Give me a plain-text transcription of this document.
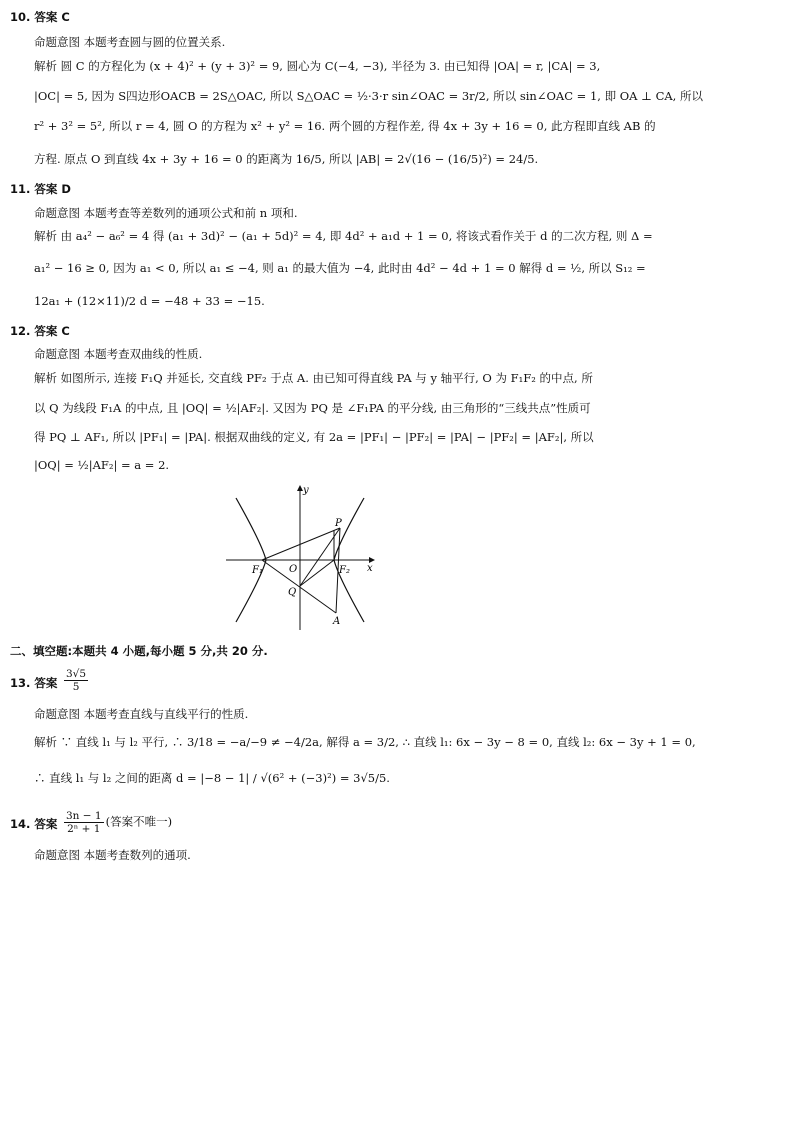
10. 答案 C
命题意图 本题考查圆与圆的位置关系.
解析 圆 C 的方程化为 (x + 4)² + (y + 3)² = 9, 圆心为 C(−4, −3), 半径为 3. 由已知得 |OA| = r, |CA| = 3,
|OC| = 5, 因为 S四边形OACB = 2S△OAC, 所以 S△OAC = ½·3·r sin∠OAC = 3r/2, 所以 sin∠OAC = 1, 即 OA ⊥ CA, 所以
r² + 3² = 5², 所以 r = 4, 圆 O 的方程为 x² + y² = 16. 两个圆的方程作差, 得 4x + 3y + 16 = 0, 此方程即直线 AB 的
方程. 原点 O 到直线 4x + 3y + 16 = 0 的距离为 16/5, 所以 |AB| = 2√(16 − (16/5)²) = 24/5.
11. 答案 D
命题意图 本题考查等差数列的通项公式和前 n 项和.
解析 由 a₄² − a₆² = 4 得 (a₁ + 3d)² − (a₁ + 5d)² = 4, 即 4d² + a₁d + 1 = 0, 将该式看作关于 d 的二次方程, 则 Δ =
a₁² − 16 ≥ 0, 因为 a₁ < 0, 所以 a₁ ≤ −4, 则 a₁ 的最大值为 −4, 此时由 4d² − 4d + 1 = 0 解得 d = ½, 所以 S₁₂ =
12a₁ + (12×11)/2 d = −48 + 33 = −15.
12. 答案 C
命题意图 本题考查双曲线的性质.
解析 如图所示, 连接 F₁Q 并延长, 交直线 PF₂ 于点 A. 由已知可得直线 PA 与 y 轴平行, O 为 F₁F₂ 的中点, 所
以 Q 为线段 F₁A 的中点, 且 |OQ| = ½|AF₂|. 又因为 PQ 是 ∠F₁PA 的平分线, 由三角形的“三线共点”性质可
得 PQ ⊥ AF₁, 所以 |PF₁| = |PA|. 根据双曲线的定义, 有 2a = |PF₁| − |PF₂| = |PA| − |PF₂| = |AF₂|, 所以
|OQ| = ½|AF₂| = a = 2.
y
x
O
F₁	F₂
P
Q
A
二、填空题:本题共 4 小题,每小题 5 分,共 20 分.
13. 答案 $\frac{3√5}{5}$
命题意图 本题考查直线与直线平行的性质.
解析 ∵ 直线 l₁ 与 l₂ 平行, ∴ 3/18 = −a/−9 ≠ −4/2a, 解得 a = 3/2, ∴ 直线 l₁: 6x − 3y − 8 = 0, 直线 l₂: 6x − 3y + 1 = 0,
∴ 直线 l₁ 与 l₂ 之间的距离 d = |−8 − 1| / √(6² + (−3)²) = 3√5/5.
14. 答案 $\frac{3n - 1}{\text{2ⁿ + 1}}$ (答案不唯一)
命题意图 本题考查数列的通项.
